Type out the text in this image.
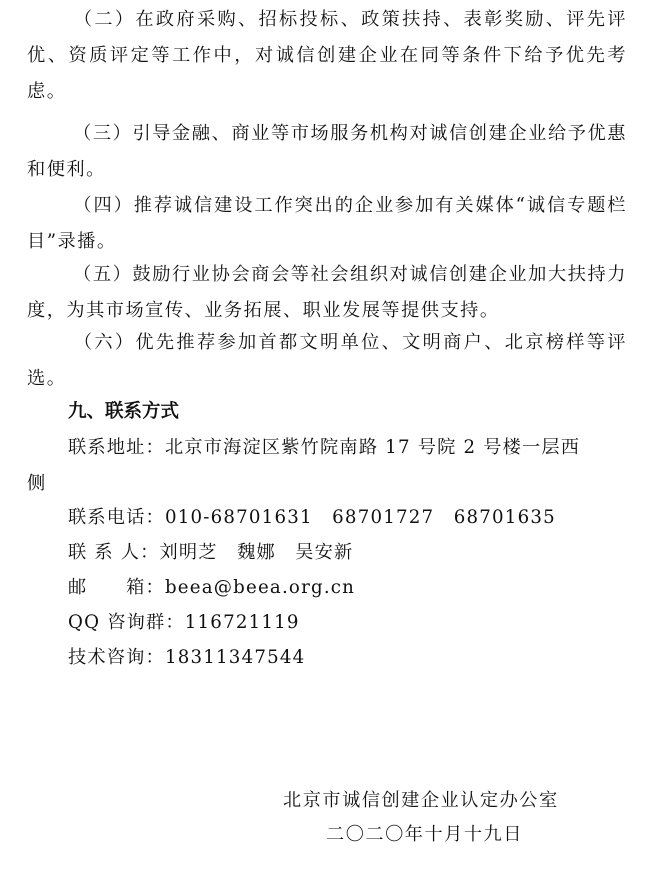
（二）在政府采购、招标投标、政策扶持、表彰奖励、评先评优、资质评定等工作中，对诚信创建企业在同等条件下给予优先考虑。

（三）引导金融、商业等市场服务机构对诚信创建企业给予优惠和便利。

（四）推荐诚信建设工作突出的企业参加有关媒体“诚信专题栏目”录播。

（五）鼓励行业协会商会等社会组织对诚信创建企业加大扶持力度，为其市场宣传、业务拓展、职业发展等提供支持。

（六）优先推荐参加首都文明单位、文明商户、北京榜样等评选。

九、联系方式

联系地址：北京市海淀区紫竹院南路 17 号院 2 号楼一层西

侧

联系电话：010-68701631　68701727　68701635

联 系 人：刘明芝　魏娜　吴安新

邮　　箱：beea@beea.org.cn

QQ 咨询群：116721119

技术咨询：18311347544

北京市诚信创建企业认定办公室

二〇二〇年十月十九日
